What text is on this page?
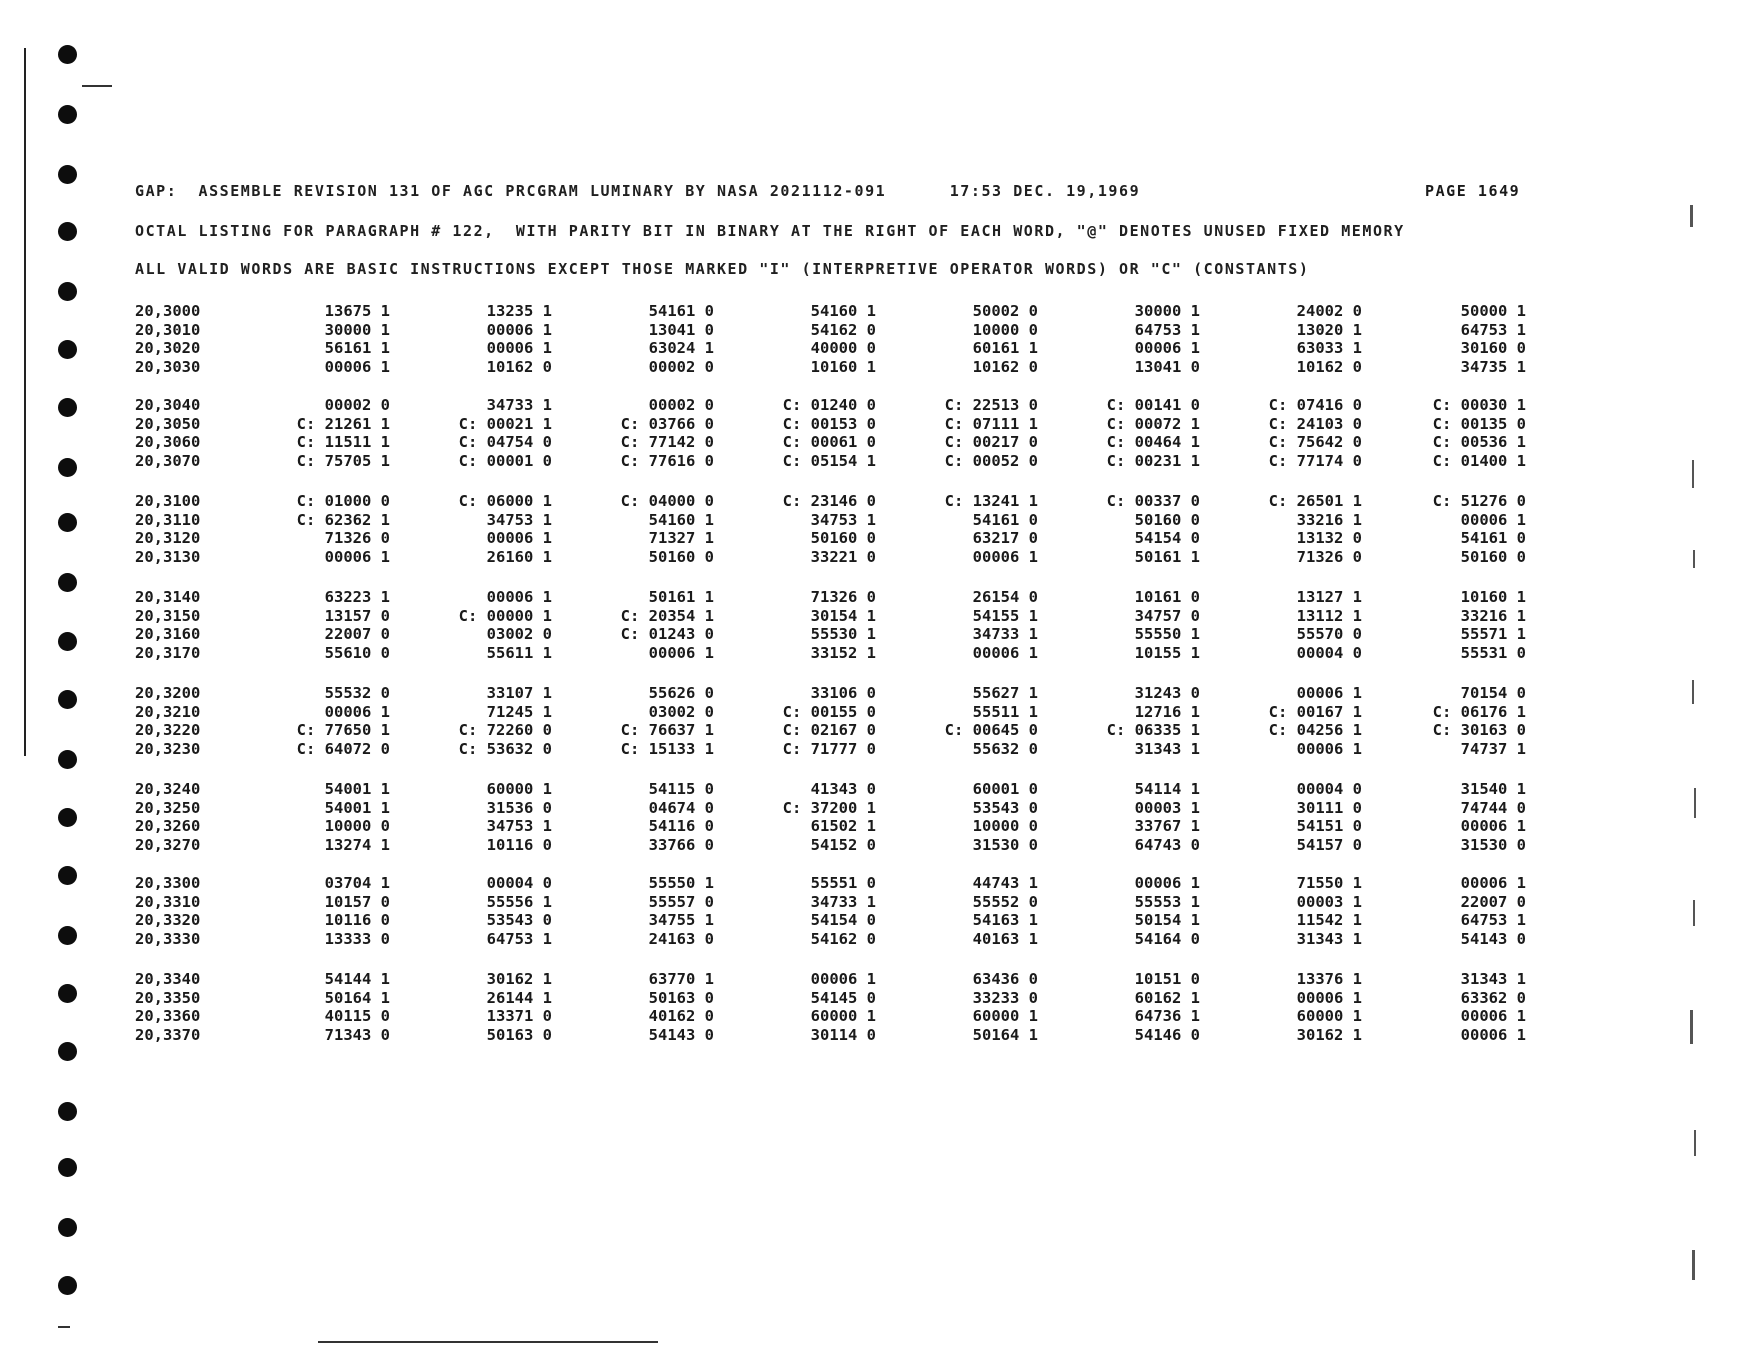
GAP:  ASSEMBLE REVISION 131 OF AGC PRCGRAM LUMINARY BY NASA 2021112-091      17:53 DEC. 19,1969	PAGE 1649
OCTAL LISTING FOR PARAGRAPH # 122,  WITH PARITY BIT IN BINARY AT THE RIGHT OF EACH WORD, "@" DENOTES UNUSED FIXED MEMORY
ALL VALID WORDS ARE BASIC INSTRUCTIONS EXCEPT THOSE MARKED "I" (INTERPRETIVE OPERATOR WORDS) OR "C" (CONSTANTS)
20,3000	13675 1	13235 1	54161 0	54160 1	50002 0	30000 1	24002 0	50000 1
20,3010	30000 1	00006 1	13041 0	54162 0	10000 0	64753 1	13020 1	64753 1
20,3020	56161 1	00006 1	63024 1	40000 0	60161 1	00006 1	63033 1	30160 0
20,3030	00006 1	10162 0	00002 0	10160 1	10162 0	13041 0	10162 0	34735 1
20,3040	00002 0	34733 1	00002 0	C: 01240 0	C: 22513 0	C: 00141 0	C: 07416 0	C: 00030 1
20,3050	C: 21261 1	C: 00021 1	C: 03766 0	C: 00153 0	C: 07111 1	C: 00072 1	C: 24103 0	C: 00135 0
20,3060	C: 11511 1	C: 04754 0	C: 77142 0	C: 00061 0	C: 00217 0	C: 00464 1	C: 75642 0	C: 00536 1
20,3070	C: 75705 1	C: 00001 0	C: 77616 0	C: 05154 1	C: 00052 0	C: 00231 1	C: 77174 0	C: 01400 1
20,3100	C: 01000 0	C: 06000 1	C: 04000 0	C: 23146 0	C: 13241 1	C: 00337 0	C: 26501 1	C: 51276 0
20,3110	C: 62362 1	34753 1	54160 1	34753 1	54161 0	50160 0	33216 1	00006 1
20,3120	71326 0	00006 1	71327 1	50160 0	63217 0	54154 0	13132 0	54161 0
20,3130	00006 1	26160 1	50160 0	33221 0	00006 1	50161 1	71326 0	50160 0
20,3140	63223 1	00006 1	50161 1	71326 0	26154 0	10161 0	13127 1	10160 1
20,3150	13157 0	C: 00000 1	C: 20354 1	30154 1	54155 1	34757 0	13112 1	33216 1
20,3160	22007 0	03002 0	C: 01243 0	55530 1	34733 1	55550 1	55570 0	55571 1
20,3170	55610 0	55611 1	00006 1	33152 1	00006 1	10155 1	00004 0	55531 0
20,3200	55532 0	33107 1	55626 0	33106 0	55627 1	31243 0	00006 1	70154 0
20,3210	00006 1	71245 1	03002 0	C: 00155 0	55511 1	12716 1	C: 00167 1	C: 06176 1
20,3220	C: 77650 1	C: 72260 0	C: 76637 1	C: 02167 0	C: 00645 0	C: 06335 1	C: 04256 1	C: 30163 0
20,3230	C: 64072 0	C: 53632 0	C: 15133 1	C: 71777 0	55632 0	31343 1	00006 1	74737 1
20,3240	54001 1	60000 1	54115 0	41343 0	60001 0	54114 1	00004 0	31540 1
20,3250	54001 1	31536 0	04674 0	C: 37200 1	53543 0	00003 1	30111 0	74744 0
20,3260	10000 0	34753 1	54116 0	61502 1	10000 0	33767 1	54151 0	00006 1
20,3270	13274 1	10116 0	33766 0	54152 0	31530 0	64743 0	54157 0	31530 0
20,3300	03704 1	00004 0	55550 1	55551 0	44743 1	00006 1	71550 1	00006 1
20,3310	10157 0	55556 1	55557 0	34733 1	55552 0	55553 1	00003 1	22007 0
20,3320	10116 0	53543 0	34755 1	54154 0	54163 1	50154 1	11542 1	64753 1
20,3330	13333 0	64753 1	24163 0	54162 0	40163 1	54164 0	31343 1	54143 0
20,3340	54144 1	30162 1	63770 1	00006 1	63436 0	10151 0	13376 1	31343 1
20,3350	50164 1	26144 1	50163 0	54145 0	33233 0	60162 1	00006 1	63362 0
20,3360	40115 0	13371 0	40162 0	60000 1	60000 1	64736 1	60000 1	00006 1
20,3370	71343 0	50163 0	54143 0	30114 0	50164 1	54146 0	30162 1	00006 1
